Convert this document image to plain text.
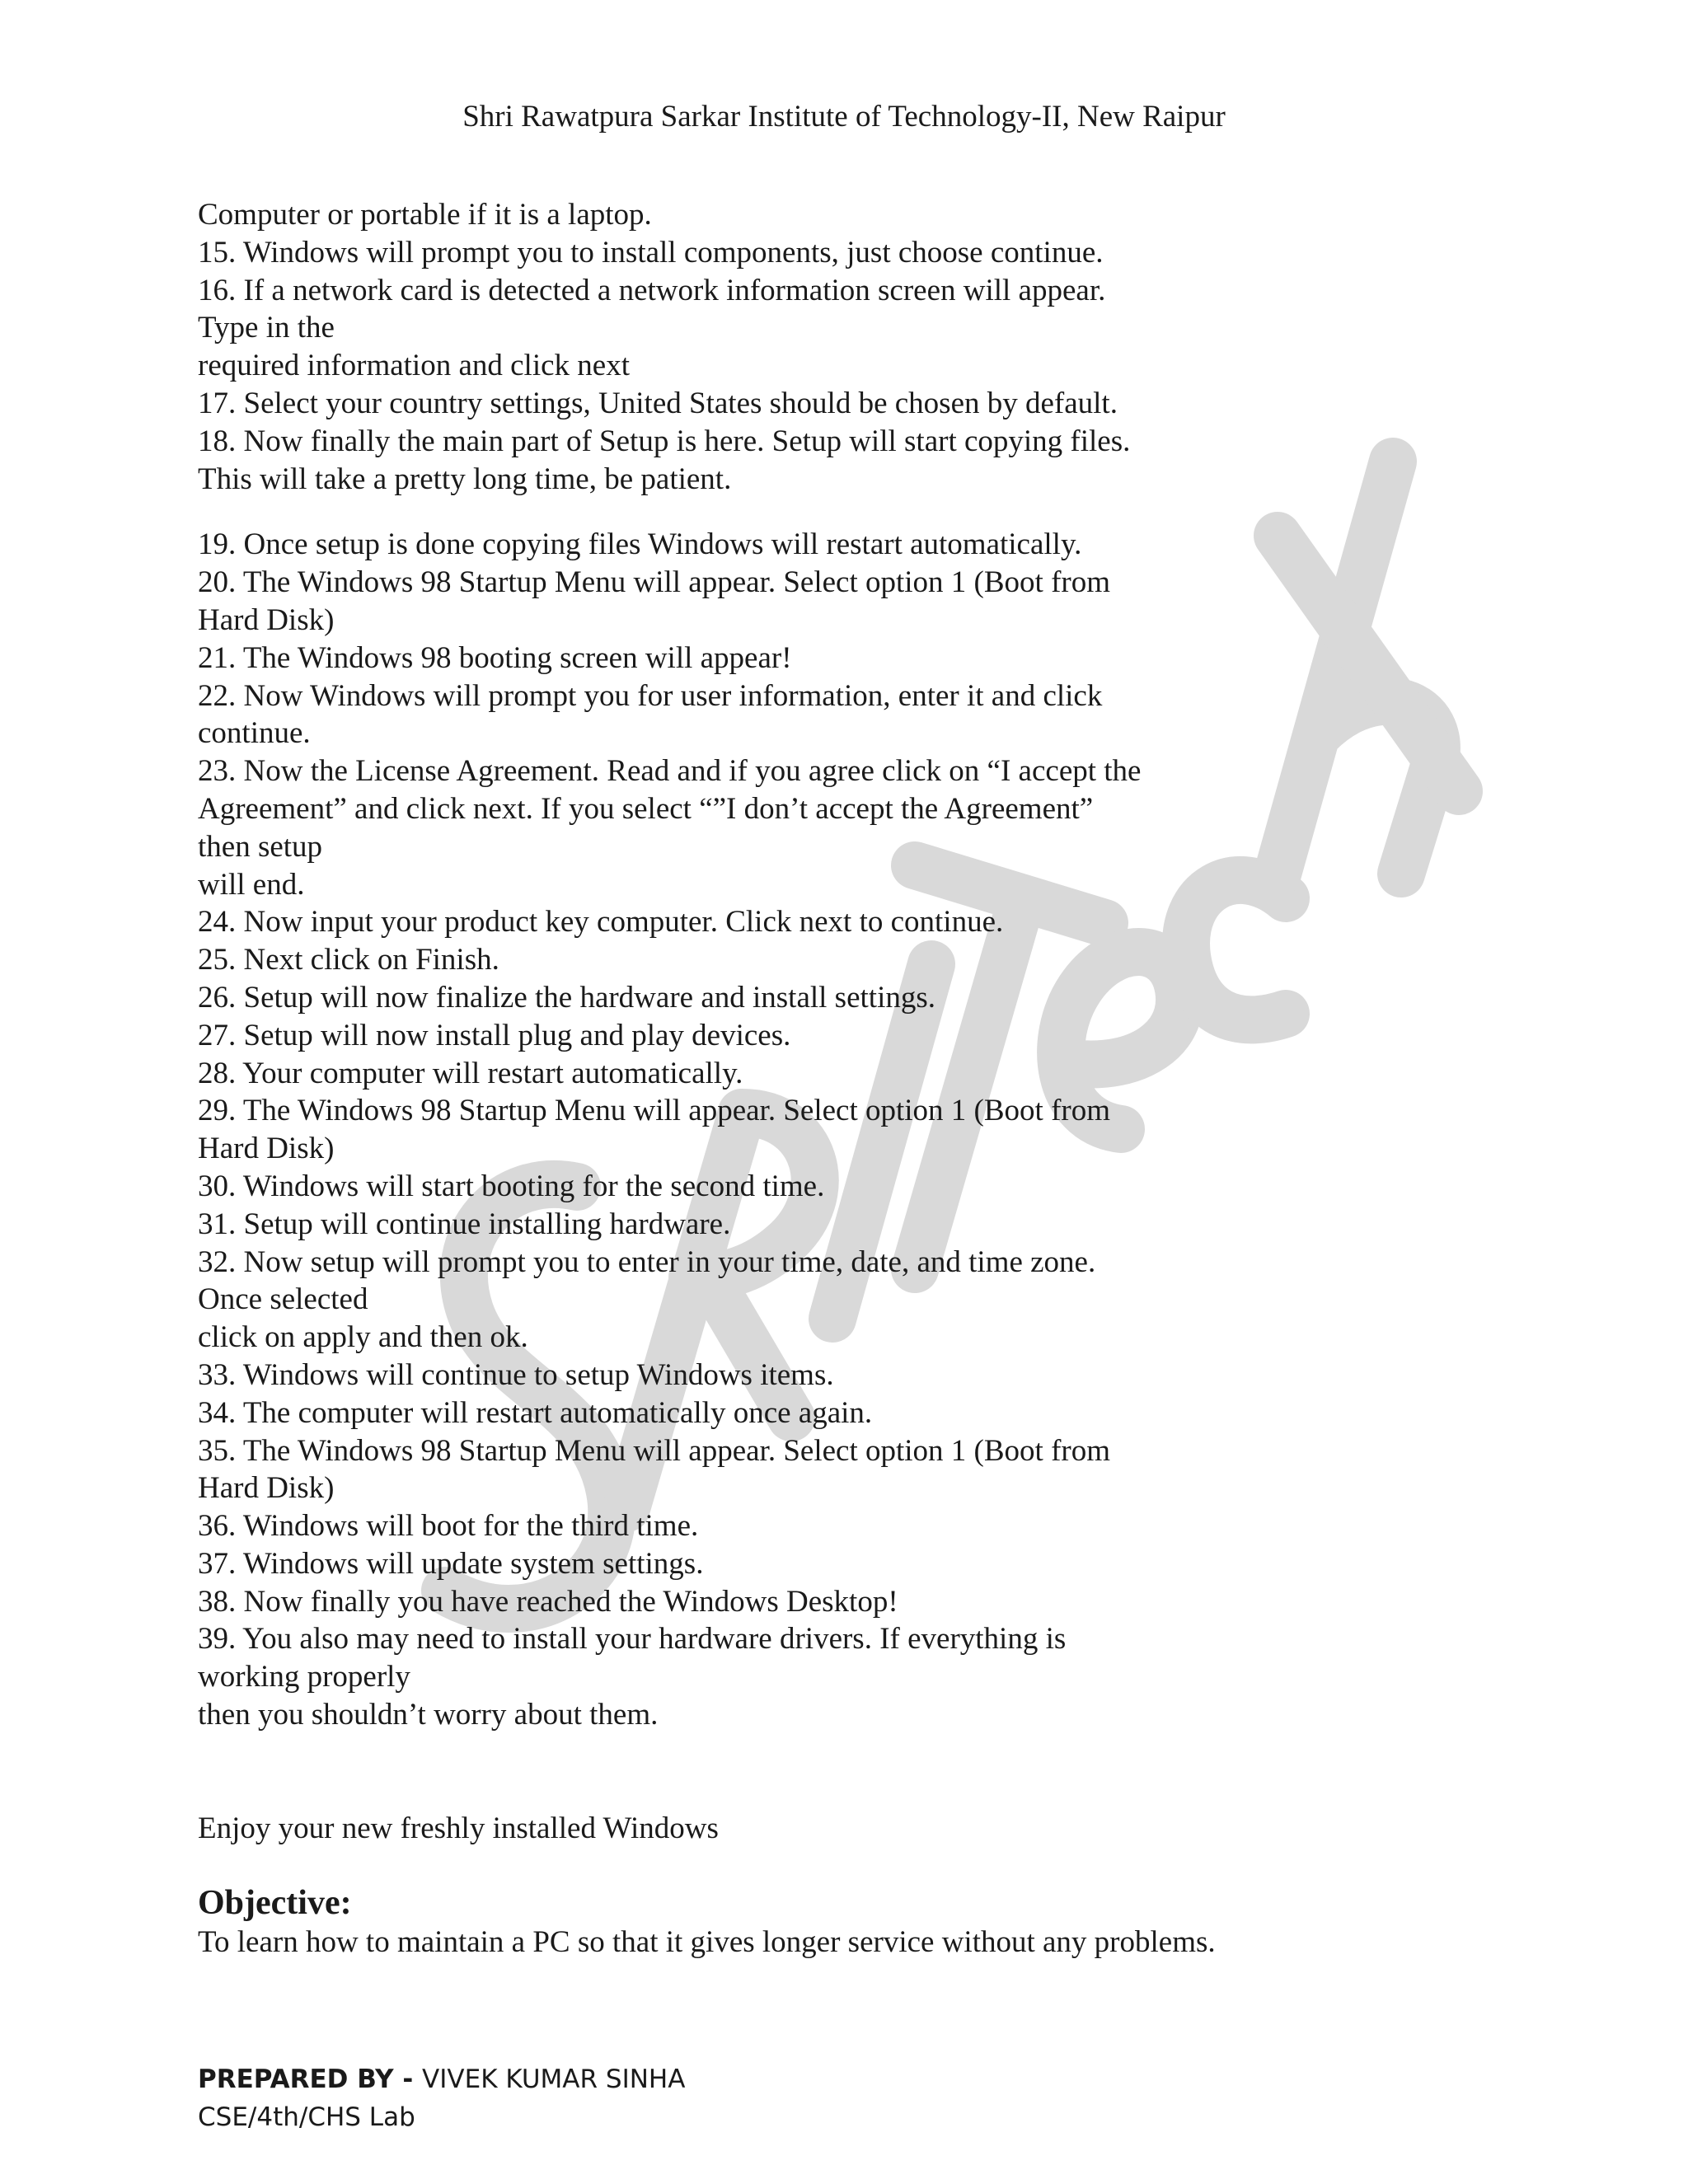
Shri Rawatpura Sarkar Institute of Technology-II, New Raipur
Computer or portable if it is a laptop.
15. Windows will prompt you to install components, just choose continue.
16. If a network card is detected a network information screen will appear.
Type in the
required information and click next
17. Select your country settings, United States should be chosen by default.
18. Now finally the main part of Setup is here. Setup will start copying files.
This will take a pretty long time, be patient.
19. Once setup is done copying files Windows will restart automatically.
20. The Windows 98 Startup Menu will appear. Select option 1 (Boot from
Hard Disk)
21. The Windows 98 booting screen will appear!
22. Now Windows will prompt you for user information, enter it and click
continue.
23. Now the License Agreement. Read and if you agree click on “I accept the
Agreement” and click next. If you select “”I don’t accept the Agreement”
then setup
will end.
24. Now input your product key computer. Click next to continue.
25. Next click on Finish.
26. Setup will now finalize the hardware and install settings.
27. Setup will now install plug and play devices.
28. Your computer will restart automatically.
29. The Windows 98 Startup Menu will appear. Select option 1 (Boot from
Hard Disk)
30. Windows will start booting for the second time.
31. Setup will continue installing hardware.
32. Now setup will prompt you to enter in your time, date, and time zone.
Once selected
click on apply and then ok.
33. Windows will continue to setup Windows items.
34. The computer will restart automatically once again.
35. The Windows 98 Startup Menu will appear. Select option 1 (Boot from
Hard Disk)
36. Windows will boot for the third time.
37. Windows will update system settings.
38. Now finally you have reached the Windows Desktop!
39. You also may need to install your hardware drivers. If everything is
working properly
then you shouldn’t worry about them.
Enjoy your new freshly installed Windows
Objective:
To learn how to maintain a PC so that it gives longer service without any problems.
PREPARED BY - VIVEK KUMAR SINHA
CSE/4th/CHS Lab
